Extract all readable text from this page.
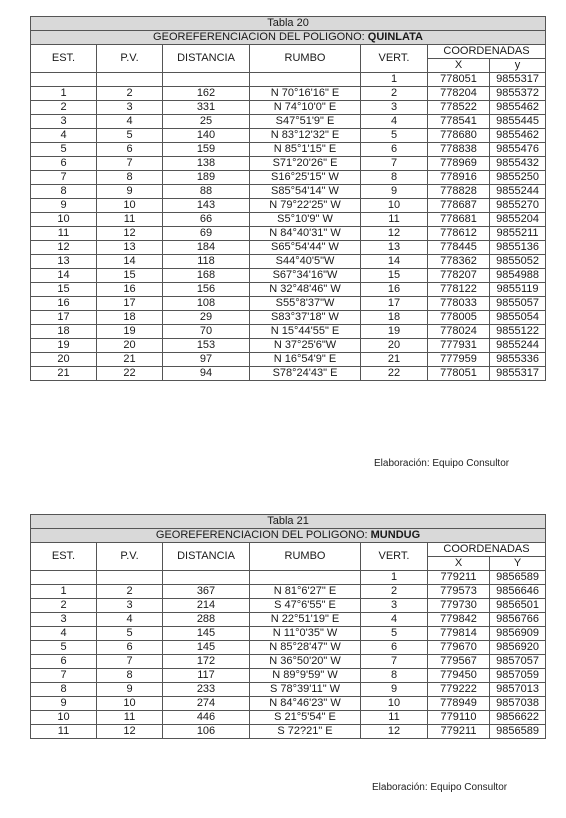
Tabla 20						
GEOREFERENCIACION DEL POLIGONO: QUINLATA						
EST.	P.V.	DISTANCIA	RUMBO	VERT.	COORDENADAS	
					X	y
				1	778051	9855317
1	2	162	N 70°16'16" E	2	778204	9855372
2	3	331	N 74°10'0" E	3	778522	9855462
3	4	25	S47°51'9" E	4	778541	9855445
4	5	140	N 83°12'32" E	5	778680	9855462
5	6	159	N 85°1'15" E	6	778838	9855476
6	7	138	S71°20'26" E	7	778969	9855432
7	8	189	S16°25'15" W	8	778916	9855250
8	9	88	S85°54'14" W	9	778828	9855244
9	10	143	N 79°22'25" W	10	778687	9855270
10	11	66	S5°10'9" W	11	778681	9855204
11	12	69	N 84°40'31" W	12	778612	9855211
12	13	184	S65°54'44" W	13	778445	9855136
13	14	118	S44°40'5"W	14	778362	9855052
14	15	168	S67°34'16"W	15	778207	9854988
15	16	156	N 32°48'46" W	16	778122	9855119
16	17	108	S55°8'37"W	17	778033	9855057
17	18	29	S83°37'18" W	18	778005	9855054
18	19	70	N 15°44'55" E	19	778024	9855122
19	20	153	N 37°25'6"W	20	777931	9855244
20	21	97	N 16°54'9" E	21	777959	9855336
21	22	94	S78°24'43" E	22	778051	9855317
Elaboración: Equipo Consultor
Tabla 21						
GEOREFERENCIACION DEL POLIGONO: MUNDUG						
EST.	P.V.	DISTANCIA	RUMBO	VERT.	COORDENADAS	
					X	Y
				1	779211	9856589
1	2	367	N 81°6'27" E	2	779573	9856646
2	3	214	S 47°6'55" E	3	779730	9856501
3	4	288	N 22°51'19" E	4	779842	9856766
4	5	145	N 11°0'35" W	5	779814	9856909
5	6	145	N 85°28'47" W	6	779670	9856920
6	7	172	N 36°50'20" W	7	779567	9857057
7	8	117	N 89°9'59" W	8	779450	9857059
8	9	233	S 78°39'11" W	9	779222	9857013
9	10	274	N 84°46'23" W	10	778949	9857038
10	11	446	S 21°5'54" E	11	779110	9856622
11	12	106	S 72?21" E	12	779211	9856589
Elaboración: Equipo Consultor
